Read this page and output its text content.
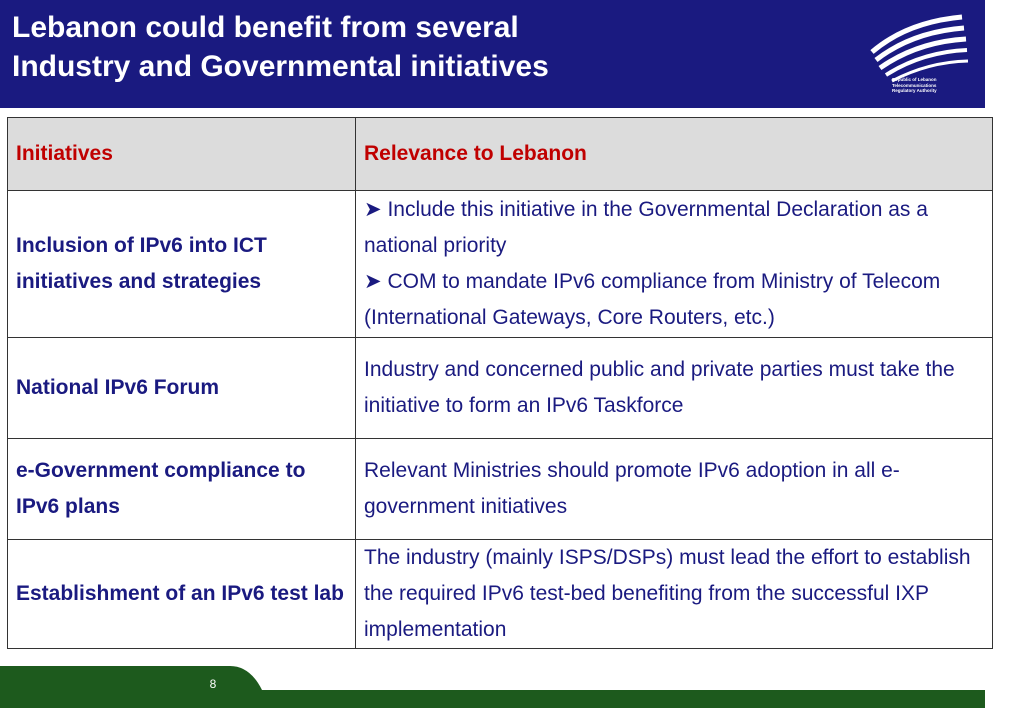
Lebanon could benefit from several
Industry and Governmental initiatives	Republic of Lebanon
Telecommunications
Regulatory Authority
Initiatives	Relevance to Lebanon
Inclusion of IPv6 into ICT initiatives and strategies	➤ Include this initiative in the Governmental Declaration as a national priority
➤ COM to mandate IPv6 compliance from Ministry of Telecom (International Gateways, Core Routers, etc.)

National IPv6 Forum	Industry and concerned public and private parties must take the initiative to form an IPv6 Taskforce
e-Government compliance to IPv6 plans	Relevant Ministries should promote IPv6 adoption in all e-government initiatives
Establishment of an IPv6 test lab	The industry (mainly ISPS/DSPs) must lead the effort to establish the required IPv6 test-bed benefiting from the successful IXP implementation
8
